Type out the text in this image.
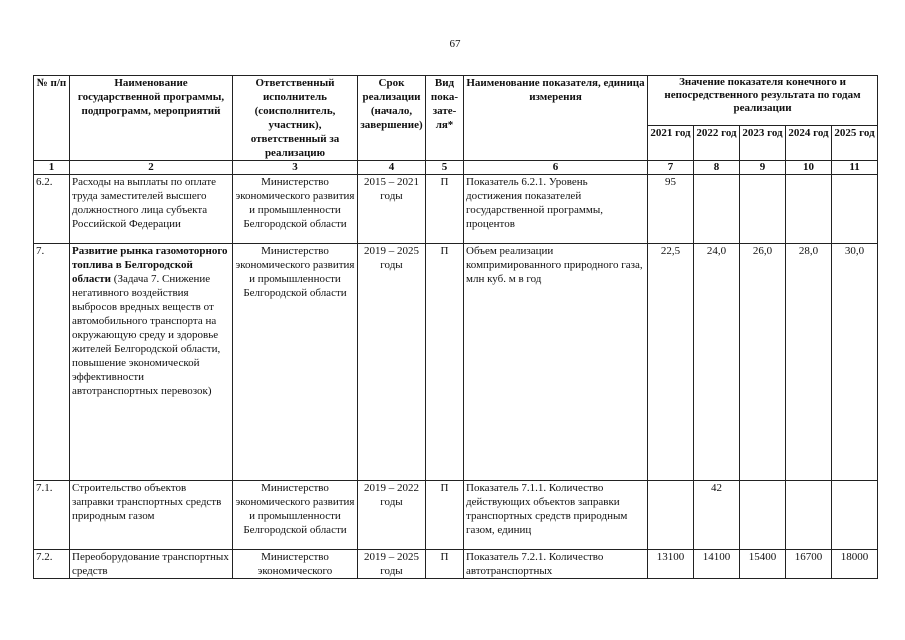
67
№ п/п	Наименование государственной программы, подпрограмм, мероприятий	Ответственный исполнитель (соисполнитель, участник), ответственный за реализацию	Срок реализации (начало, завершение)	Вид пока-зате-ля*	Наименование показателя, единица измерения	Значение показателя конечного и непосредственного результата по годам реализации				
						2021 год	2022 год	2023 год	2024 год	2025 год
1	2	3	4	5	6	7	8	9	10	11
6.2.	Расходы на выплаты по оплате труда заместителей высшего должностного лица субъекта Российской Федерации	Министерство экономического развития и промышленности Белгородской области	2015 – 2021 годы	П	Показатель 6.2.1. Уровень достижения показателей государственной программы, процентов	95				
7.	Развитие рынка газомоторного топлива в Белгородской области (Задача 7. Снижение негативного воздействия выбросов вредных веществ от автомобильного транспорта на окружающую среду и здоровье жителей Белгородской области, повышение экономической эффективности автотранспортных перевозок)	Министерство экономического развития и промышленности Белгородской области	2019 – 2025 годы	П	Объем реализации компримированного природного газа, млн куб. м в год	22,5	24,0	26,0	28,0	30,0
7.1.	Строительство объектов заправки транспортных средств природным газом	Министерство экономического развития и промышленности Белгородской области	2019 – 2022 годы	П	Показатель 7.1.1. Количество действующих объектов заправки транспортных средств природным газом, единиц		42			
7.2.	Переоборудование транспортных средств	Министерство экономического	2019 – 2025 годы	П	Показатель 7.2.1. Количество автотранспортных	13100	14100	15400	16700	18000
